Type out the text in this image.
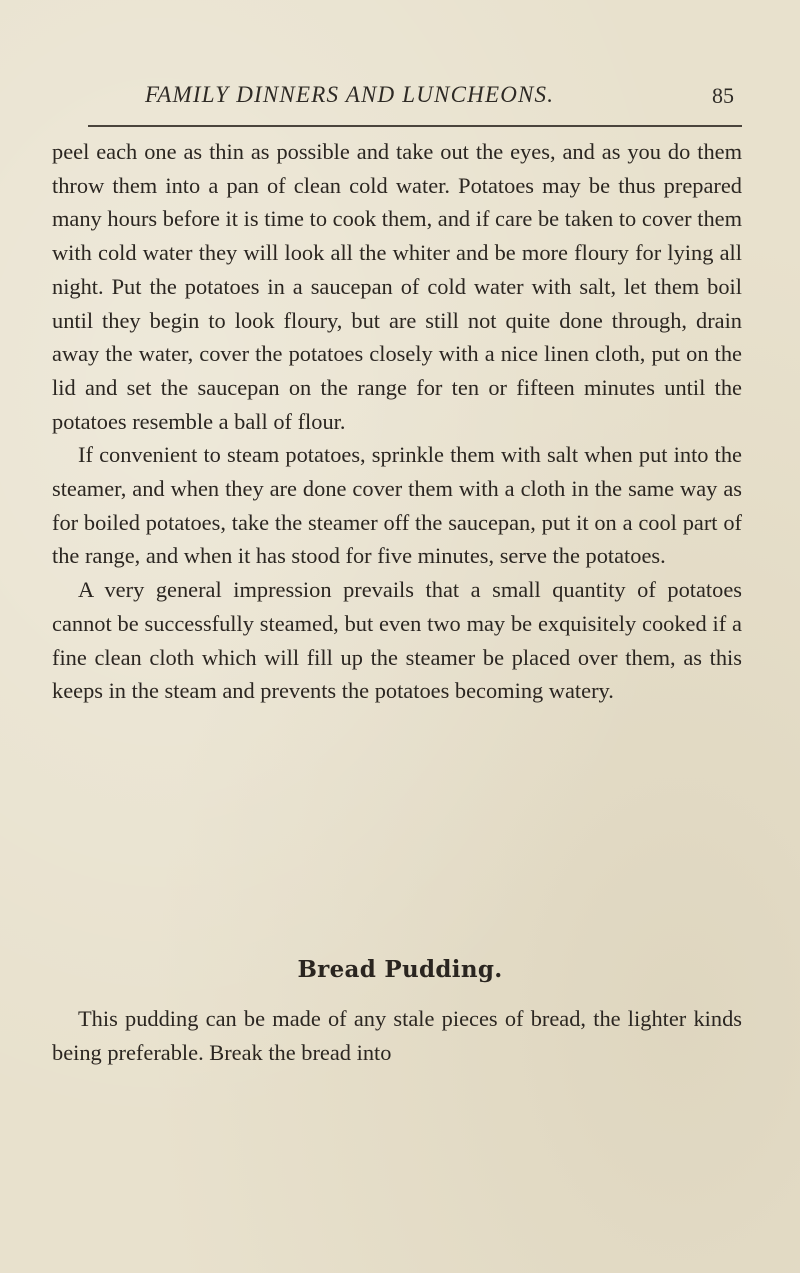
FAMILY DINNERS AND LUNCHEONS.	85

peel each one as thin as possible and take out the eyes, and as you do them throw them into a pan of clean cold water. Potatoes may be thus prepared many hours before it is time to cook them, and if care be taken to cover them with cold water they will look all the whiter and be more floury for lying all night. Put the potatoes in a saucepan of cold water with salt, let them boil until they begin to look floury, but are still not quite done through, drain away the water, cover the potatoes closely with a nice linen cloth, put on the lid and set the saucepan on the range for ten or fifteen minutes until the potatoes resemble a ball of flour.

If convenient to steam potatoes, sprinkle them with salt when put into the steamer, and when they are done cover them with a cloth in the same way as for boiled potatoes, take the steamer off the saucepan, put it on a cool part of the range, and when it has stood for five minutes, serve the potatoes.

A very general impression prevails that a small quantity of potatoes cannot be successfully steamed, but even two may be exquisitely cooked if a fine clean cloth which will fill up the steamer be placed over them, as this keeps in the steam and prevents the potatoes becoming watery.

Bread Pudding.

This pudding can be made of any stale pieces of bread, the lighter kinds being preferable. Break the bread into
